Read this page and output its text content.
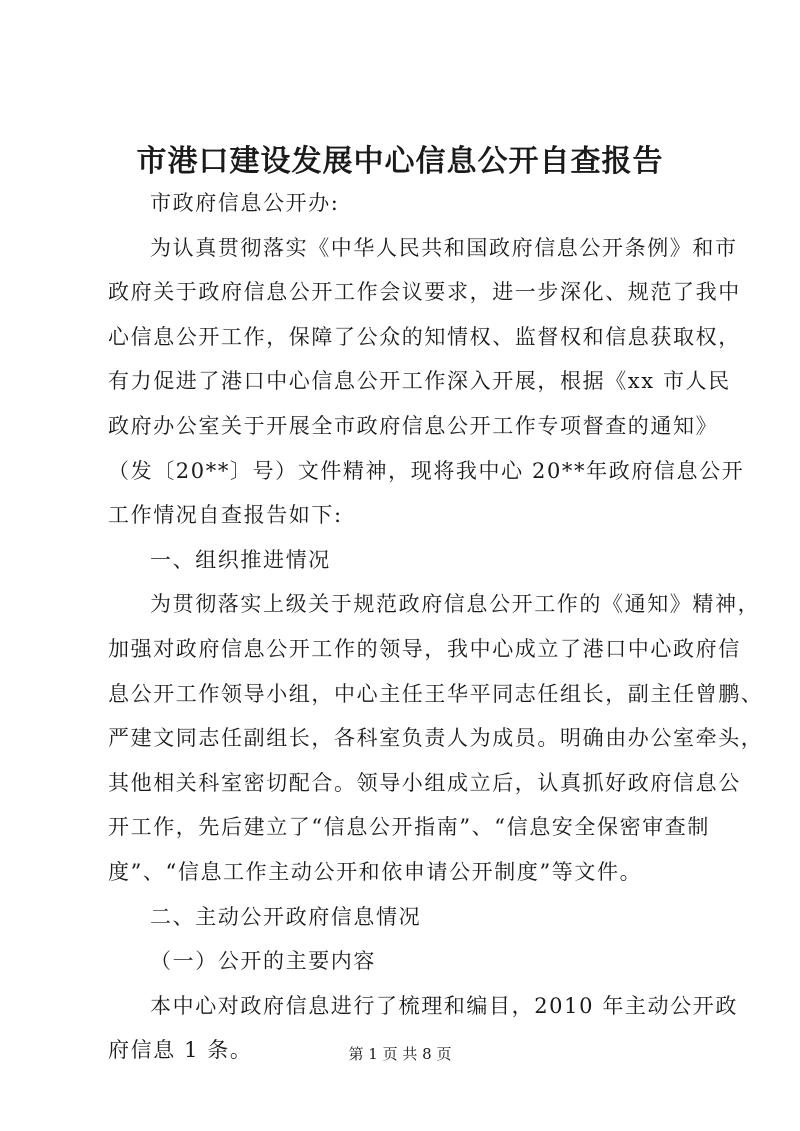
市港口建设发展中心信息公开自查报告
市政府信息公开办:
为认真贯彻落实《中华人民共和国政府信息公开条例》和市
政府关于政府信息公开工作会议要求，进一步深化、规范了我中
心信息公开工作，保障了公众的知情权、监督权和信息获取权，
有力促进了港口中心信息公开工作深入开展，根据《xx 市人民
政府办公室关于开展全市政府信息公开工作专项督查的通知》
（发〔20**〕号）文件精神，现将我中心 20**年政府信息公开
工作情况自查报告如下:
一、组织推进情况
为贯彻落实上级关于规范政府信息公开工作的《通知》精神，
加强对政府信息公开工作的领导，我中心成立了港口中心政府信
息公开工作领导小组，中心主任王华平同志任组长，副主任曾鹏、
严建文同志任副组长，各科室负责人为成员。明确由办公室牵头，
其他相关科室密切配合。领导小组成立后，认真抓好政府信息公
开工作，先后建立了“信息公开指南”、“信息安全保密审查制
度”、“信息工作主动公开和依申请公开制度”等文件。
二、主动公开政府信息情况
（一）公开的主要内容
本中心对政府信息进行了梳理和编目，2010 年主动公开政
第 1 页 共 8 页
府信息 1 条。
